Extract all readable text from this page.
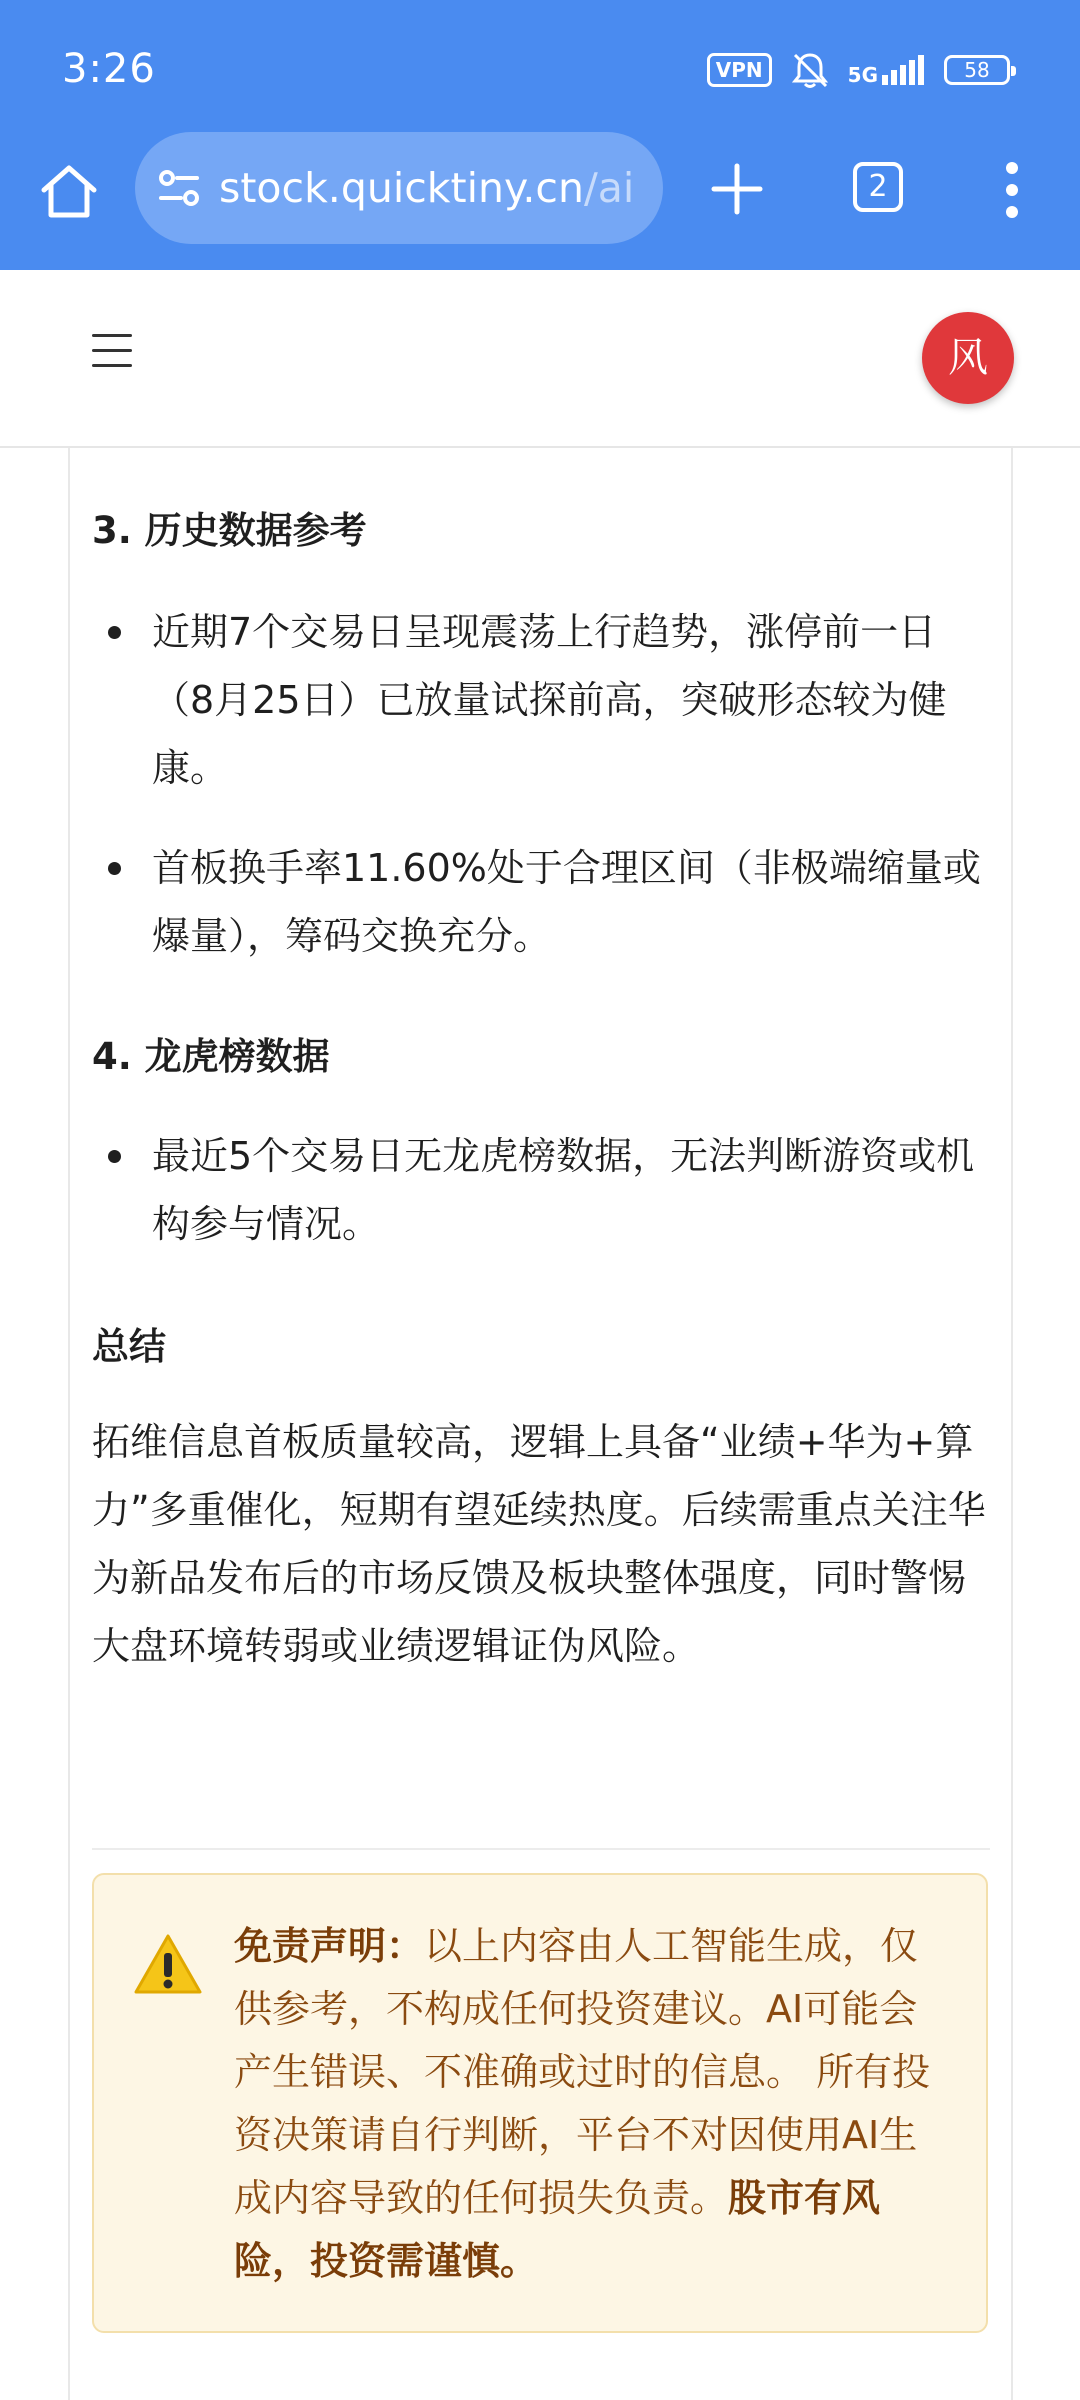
3:26	VPN	5G	58
stock.quicktiny.cn/ai	2
风
3. 历史数据参考
近期7个交易日呈现震荡上行趋势，涨停前一日（8月25日）已放量试探前高，突破形态较为健康。
首板换手率11.60%处于合理区间（非极端缩量或爆量），筹码交换充分。
4. 龙虎榜数据
最近5个交易日无龙虎榜数据，无法判断游资或机构参与情况。
总结
拓维信息首板质量较高，逻辑上具备“业绩+华为+算力”多重催化，短期有望延续热度。后续需重点关注华为新品发布后的市场反馈及板块整体强度，同时警惕大盘环境转弱或业绩逻辑证伪风险。
免责声明：以上内容由人工智能生成，仅供参考，不构成任何投资建议。AI可能会产生错误、不准确或过时的信息。 所有投资决策请自行判断，平台不对因使用AI生成内容导致的任何损失负责。股市有风险，投资需谨慎。
